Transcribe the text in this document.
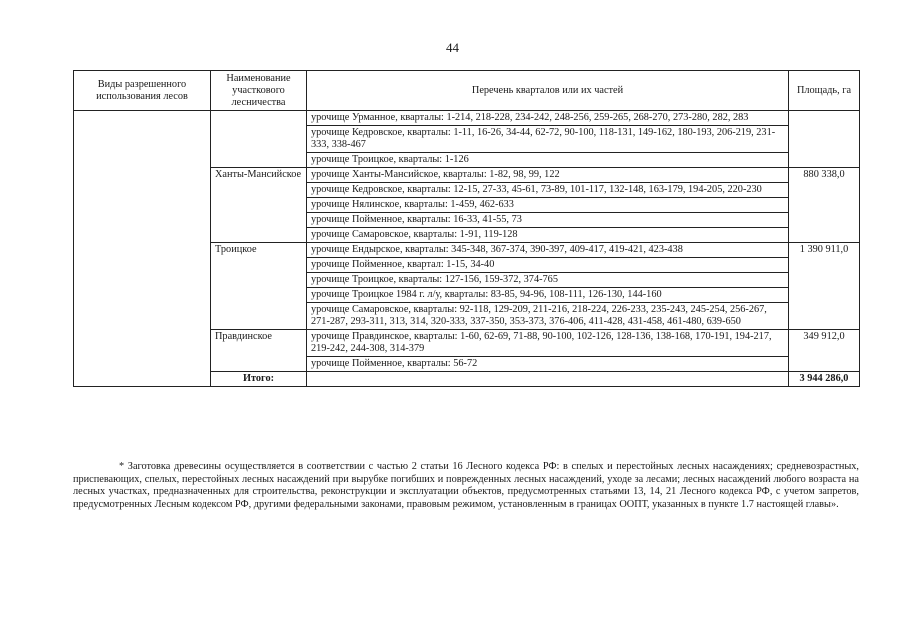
44
Виды разрешенного использования лесов	Наименование участкового лесничества	Перечень кварталов или их частей	Площадь, га
		урочище Урманное, кварталы: 1-214, 218-228, 234-242, 248-256, 259-265, 268-270, 273-280, 282, 283	
		урочище Кедровское, кварталы: 1-11, 16-26, 34-44, 62-72, 90-100, 118-131, 149-162, 180-193, 206-219, 231-333, 338-467	
		урочище Троицкое, кварталы: 1-126	
	Ханты-Мансийское	урочище Ханты-Мансийское, кварталы: 1-82, 98, 99, 122	880 338,0
		урочище Кедровское, кварталы: 12-15, 27-33, 45-61, 73-89, 101-117, 132-148, 163-179, 194-205, 220-230	
		урочище Нялинское, кварталы: 1-459, 462-633	
		урочище Пойменное, кварталы: 16-33, 41-55, 73	
		урочище Самаровское, кварталы: 1-91, 119-128	
	Троицкое	урочище Ендырское, кварталы: 345-348, 367-374, 390-397, 409-417, 419-421, 423-438	1 390 911,0
		урочище Пойменное, квартал: 1-15, 34-40	
		урочище Троицкое, кварталы: 127-156, 159-372, 374-765	
		урочище Троицкое 1984 г. л/у, кварталы: 83-85, 94-96, 108-111, 126-130, 144-160	
		урочище Самаровское, кварталы: 92-118, 129-209, 211-216, 218-224, 226-233, 235-243, 245-254, 256-267, 271-287, 293-311, 313, 314, 320-333, 337-350, 353-373, 376-406, 411-428, 431-458, 461-480, 639-650	
	Правдинское	урочище Правдинское, кварталы: 1-60, 62-69, 71-88, 90-100, 102-126, 128-136, 138-168, 170-191, 194-217, 219-242, 244-308, 314-379	349 912,0
		урочище Пойменное, кварталы: 56-72	
	Итого:		3 944 286,0

* Заготовка древесины осуществляется в соответствии с частью 2 статьи 16 Лесного кодекса РФ: в спелых и перестойных лесных насаждениях; средневозрастных, приспевающих, спелых, перестойных лесных насаждений при вырубке погибших и поврежденных лесных насаждений, уходе за лесами; лесных насаждений любого возраста на лесных участках, предназначенных для строительства, реконструкции и эксплуатации объектов, предусмотренных статьями 13, 14, 21 Лесного кодекса РФ, с учетом запретов, предусмотренных Лесным кодексом РФ, другими федеральными законами, правовым режимом, установленным в границах ООПТ, указанных в пункте 1.7 настоящей главы».
